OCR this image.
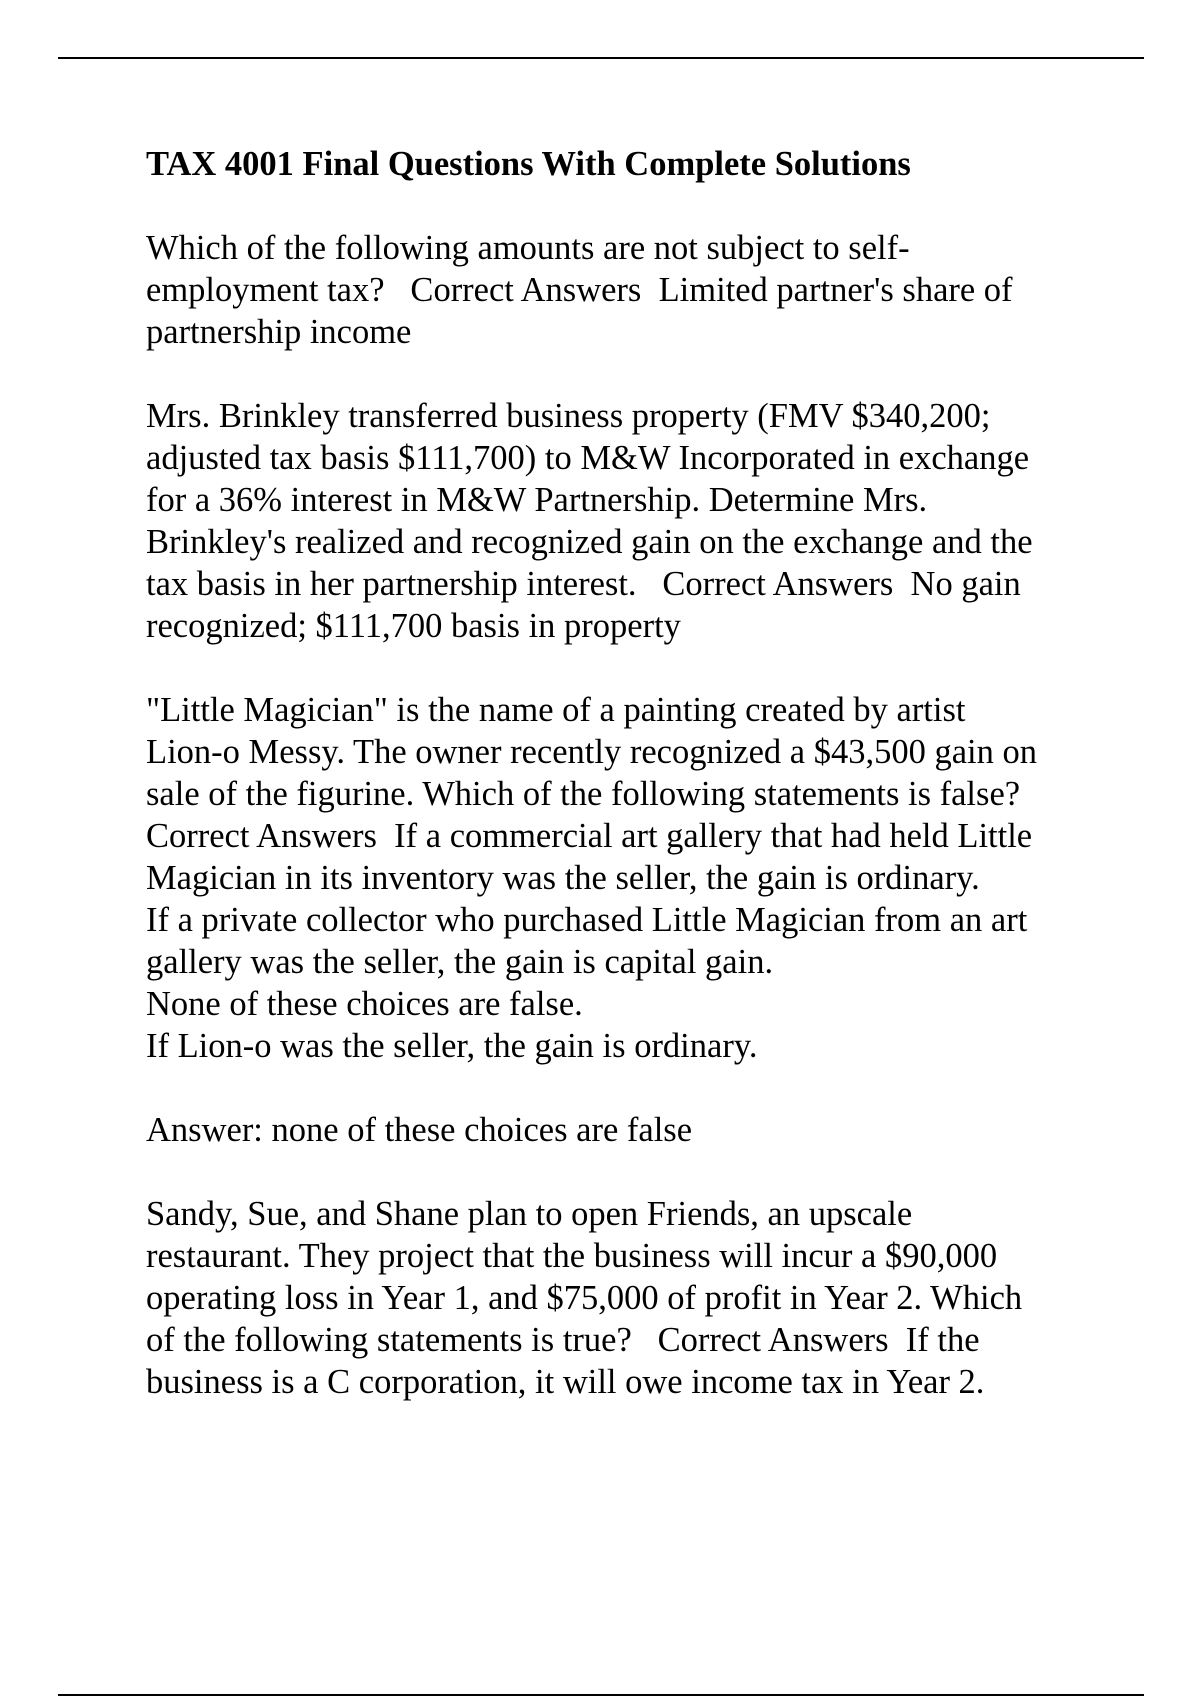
TAX 4001 Final Questions With Complete Solutions
Which of the following amounts are not subject to self-
employment tax?   Correct Answers  Limited partner's share of
partnership income
Mrs. Brinkley transferred business property (FMV $340,200;
adjusted tax basis $111,700) to M&W Incorporated in exchange
for a 36% interest in M&W Partnership. Determine Mrs.
Brinkley's realized and recognized gain on the exchange and the
tax basis in her partnership interest.   Correct Answers  No gain
recognized; $111,700 basis in property
"Little Magician" is the name of a painting created by artist
Lion-o Messy. The owner recently recognized a $43,500 gain on
sale of the figurine. Which of the following statements is false?
Correct Answers  If a commercial art gallery that had held Little
Magician in its inventory was the seller, the gain is ordinary.
If a private collector who purchased Little Magician from an art
gallery was the seller, the gain is capital gain.
None of these choices are false.
If Lion-o was the seller, the gain is ordinary.
Answer: none of these choices are false
Sandy, Sue, and Shane plan to open Friends, an upscale
restaurant. They project that the business will incur a $90,000
operating loss in Year 1, and $75,000 of profit in Year 2. Which
of the following statements is true?   Correct Answers  If the
business is a C corporation, it will owe income tax in Year 2.
